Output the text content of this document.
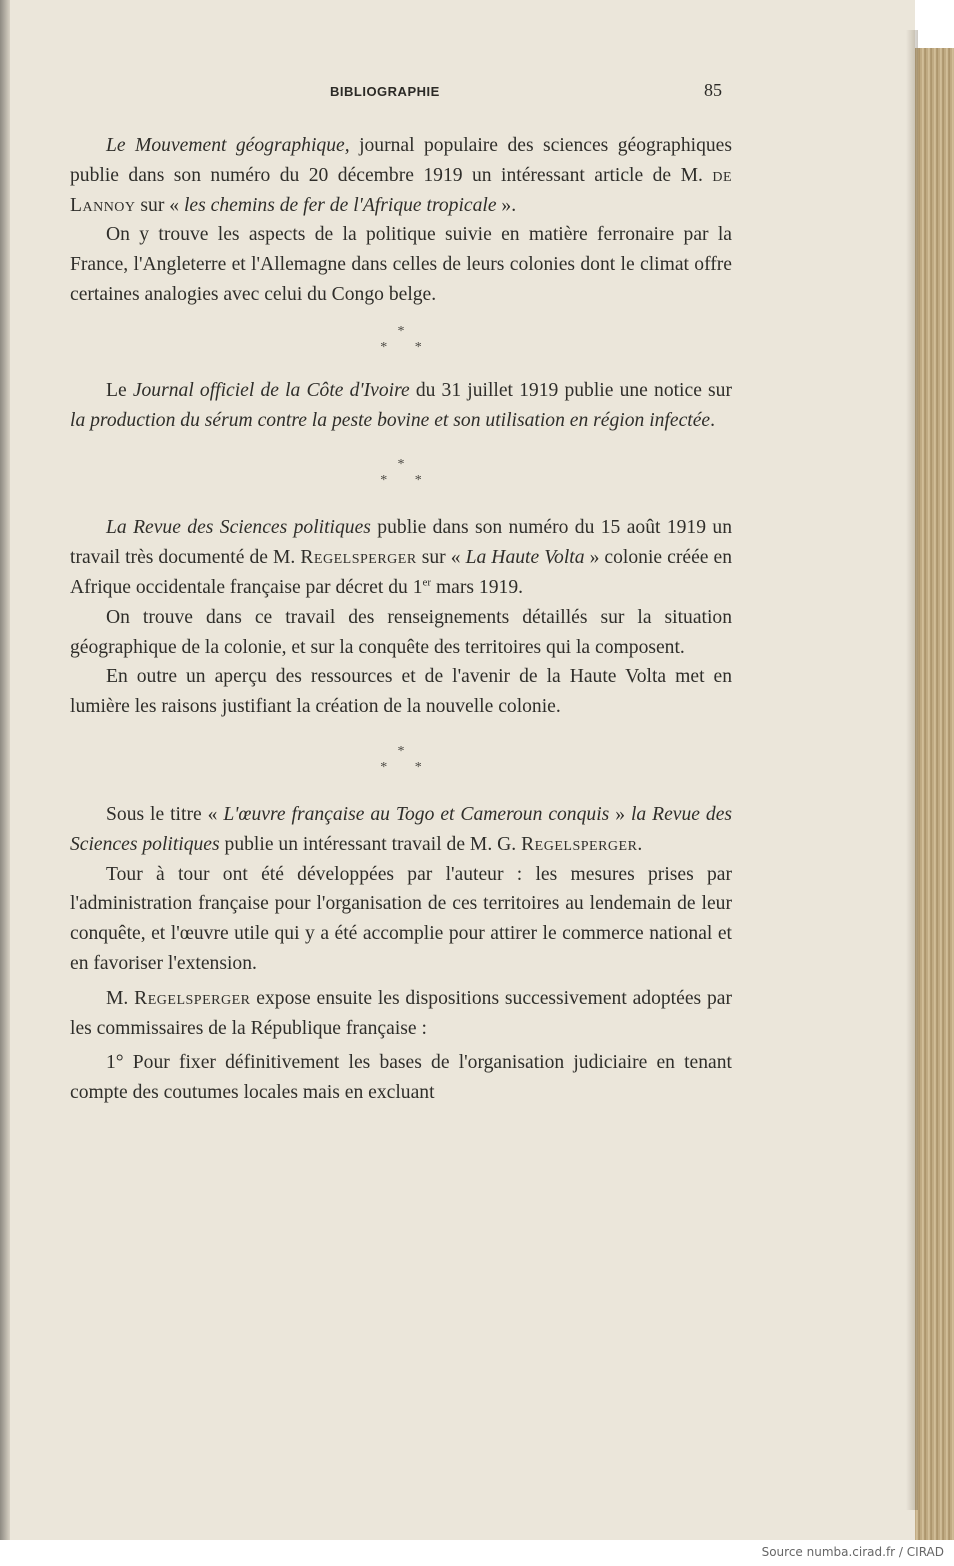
BIBLIOGRAPHIE	85

Le Mouvement géographique, journal populaire des sciences géographiques publie dans son numéro du 20 décembre 1919 un intéressant article de M. de Lannoy sur « les chemins de fer de l'Afrique tropicale ».

On y trouve les aspects de la politique suivie en matière ferronaire par la France, l'Angleterre et l'Allemagne dans celles de leurs colonies dont le climat offre certaines analogies avec celui du Congo belge.

*
* *

Le Journal officiel de la Côte d'Ivoire du 31 juillet 1919 publie une notice sur la production du sérum contre la peste bovine et son utilisation en région infectée.

*
* *

La Revue des Sciences politiques publie dans son numéro du 15 août 1919 un travail très documenté de M. Regelsperger sur « La Haute Volta » colonie créée en Afrique occidentale française par décret du 1er mars 1919.

On trouve dans ce travail des renseignements détaillés sur la situation géographique de la colonie, et sur la conquête des territoires qui la composent.

En outre un aperçu des ressources et de l'avenir de la Haute Volta met en lumière les raisons justifiant la création de la nouvelle colonie.

*
* *

Sous le titre « L'œuvre française au Togo et Cameroun conquis » la Revue des Sciences politiques publie un intéressant travail de M. G. Regelsperger.

Tour à tour ont été développées par l'auteur : les mesures prises par l'administration française pour l'organisation de ces territoires au lendemain de leur conquête, et l'œuvre utile qui y a été accomplie pour attirer le commerce national et en favoriser l'extension.

M. Regelsperger expose ensuite les dispositions successivement adoptées par les commissaires de la République française :

1° Pour fixer définitivement les bases de l'organisation judiciaire en tenant compte des coutumes locales mais en excluant

Source numba.cirad.fr / CIRAD
